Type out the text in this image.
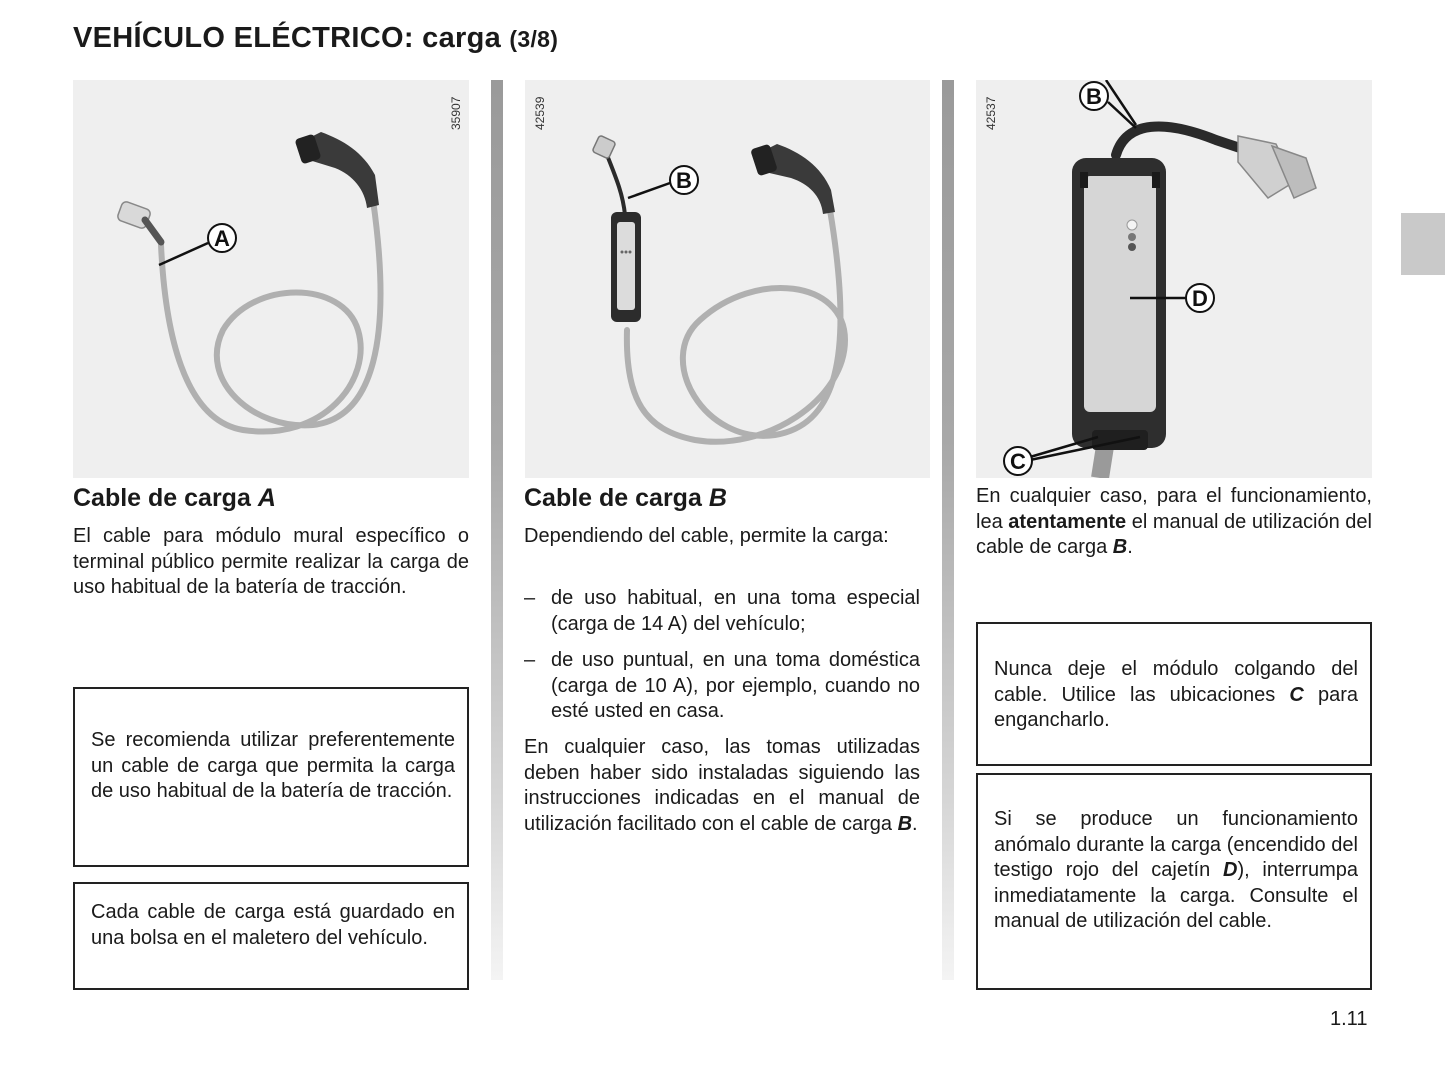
VEHÍCULO ELÉCTRICO: carga (3/8)
A
35907
B
42539
B
D
C
42537
Cable de carga A
El cable para módulo mural específico o terminal público permite realizar la carga de uso habitual de la batería de tracción.
Se recomienda utilizar preferentemente un cable de carga que permita la carga de uso habitual de la batería de tracción.
Cada cable de carga está guardado en una bolsa en el maletero del vehículo.
Cable de carga B
Dependiendo del cable, permite la carga:
– de uso habitual, en una toma especial (carga de 14 A) del vehículo;
– de uso puntual, en una toma doméstica (carga de 10 A), por ejemplo, cuando no esté usted en casa.
En cualquier caso, las tomas utilizadas deben haber sido instaladas siguiendo las instrucciones indicadas en el manual de utilización facilitado con el cable de carga B.
En cualquier caso, para el funcionamiento, lea atentamente el manual de utilización del cable de carga B.
Nunca deje el módulo colgando del cable. Utilice las ubicaciones C para engancharlo.
Si se produce un funcionamiento anómalo durante la carga (encendido del testigo rojo del cajetín D), interrumpa inmediatamente la carga. Consulte el manual de utilización del cable.
1.11
